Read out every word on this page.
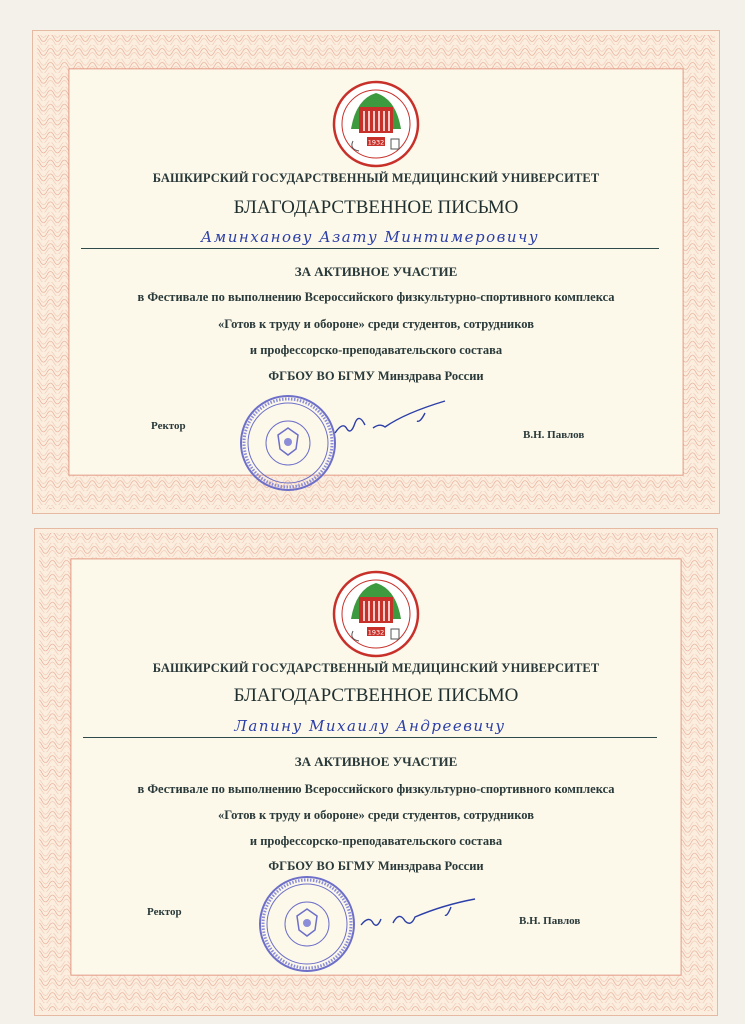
1932
БАШКИРСКИЙ ГОСУДАРСТВЕННЫЙ МЕДИЦИНСКИЙ УНИВЕРСИТЕТ
БЛАГОДАРСТВЕННОЕ ПИСЬМО
Аминханову Азату Минтимеровичу
ЗА АКТИВНОЕ УЧАСТИЕ
в Фестивале по выполнению Всероссийского физкультурно-спортивного комплекса
«Готов к труду и обороне» среди студентов, сотрудников
и профессорско-преподавательского состава
ФГБОУ ВО БГМУ Минздрава России
Ректор
В.Н. Павлов
1932
БАШКИРСКИЙ ГОСУДАРСТВЕННЫЙ МЕДИЦИНСКИЙ УНИВЕРСИТЕТ
БЛАГОДАРСТВЕННОЕ ПИСЬМО
Лапину Михаилу Андреевичу
ЗА АКТИВНОЕ УЧАСТИЕ
в Фестивале по выполнению Всероссийского физкультурно-спортивного комплекса
«Готов к труду и обороне» среди студентов, сотрудников
и профессорско-преподавательского состава
ФГБОУ ВО БГМУ Минздрава России
Ректор
В.Н. Павлов
